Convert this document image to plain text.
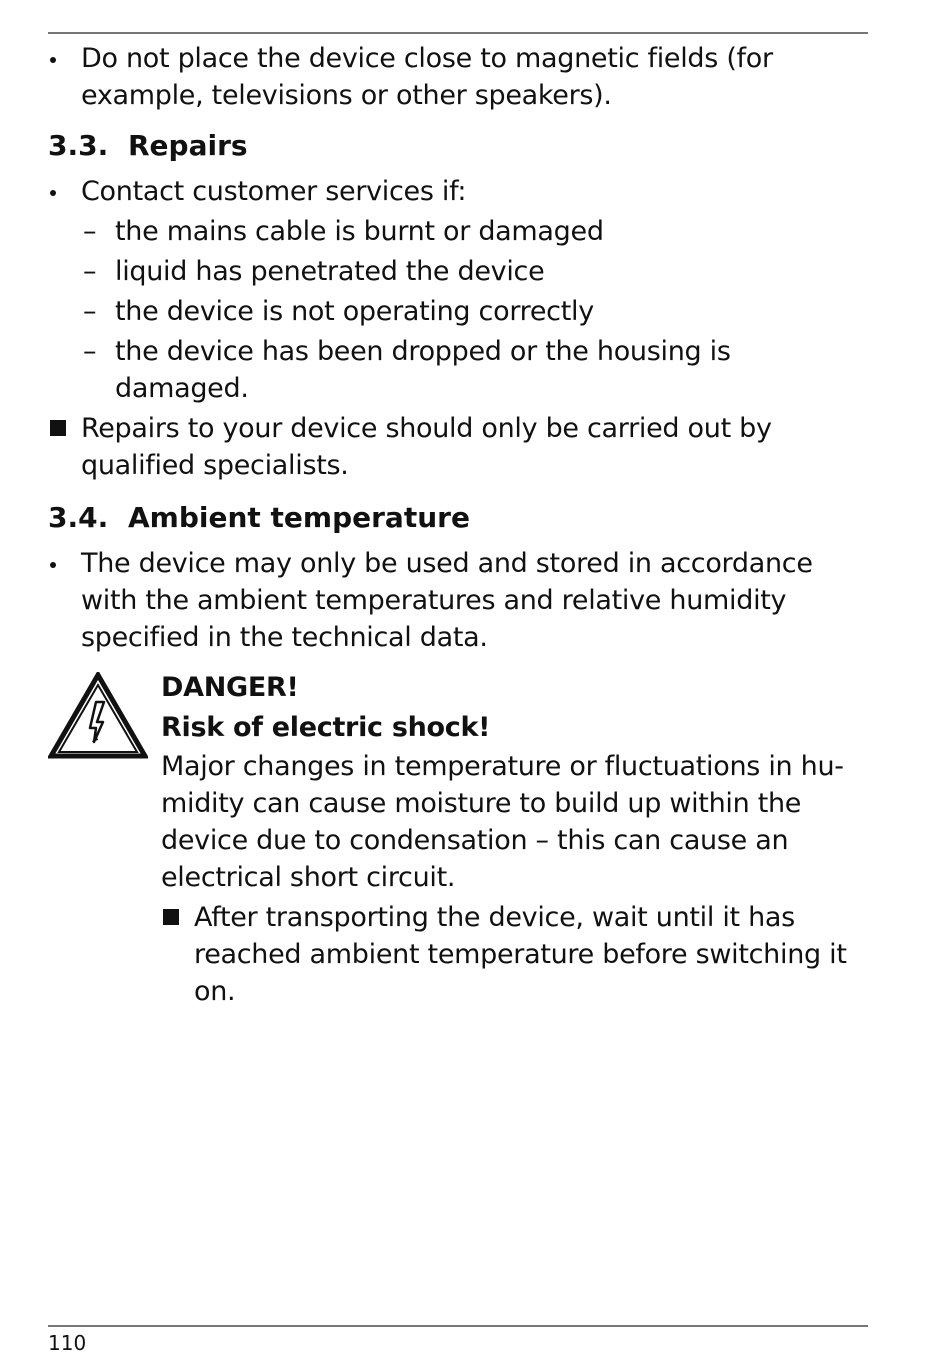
Do not place the device close to magnetic fields (for example, televisions or other speakers).
3.3. Repairs
Contact customer services if:
– the mains cable is burnt or damaged
– liquid has penetrated the device
– the device is not operating correctly
– the device has been dropped or the housing is damaged.
Repairs to your device should only be carried out by qualified specialists.
3.4. Ambient temperature
The device may only be used and stored in accordance with the ambient temperatures and relative humidity specified in the technical data.
DANGER!
Risk of electric shock!
Major changes in temperature or fluctuations in hu-midity can cause moisture to build up within the device due to condensation – this can cause an electrical short circuit.
After transporting the device, wait until it has reached ambient temperature before switching it on.
110
